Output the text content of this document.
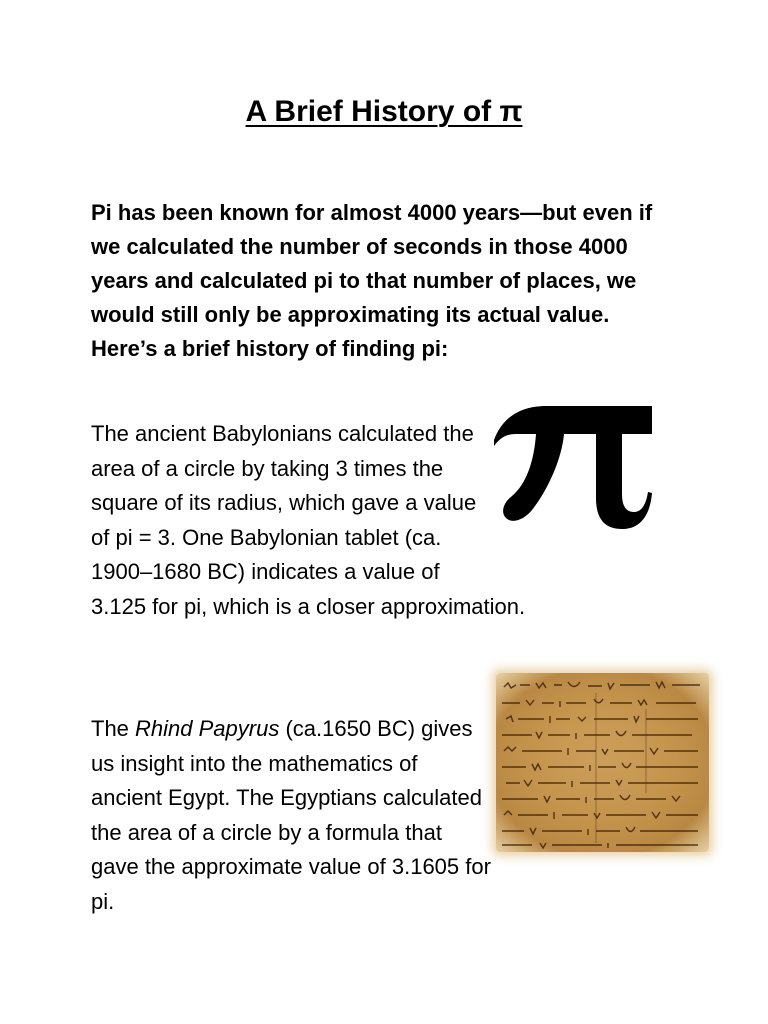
A Brief History of π

Pi has been known for almost 4000 years—but even if we calculated the number of seconds in those 4000 years and calculated pi to that number of places, we would still only be approximating its actual value. Here’s a brief history of finding pi:

The ancient Babylonians calculated the area of a circle by taking 3 times the square of its radius, which gave a value of pi = 3. One Babylonian tablet (ca. 1900–1680 BC) indicates a value of 3.125 for pi, which is a closer approximation.

The Rhind Papyrus (ca.1650 BC) gives us insight into the mathematics of ancient Egypt. The Egyptians calculated the area of a circle by a formula that gave the approximate value of 3.1605 for pi.
